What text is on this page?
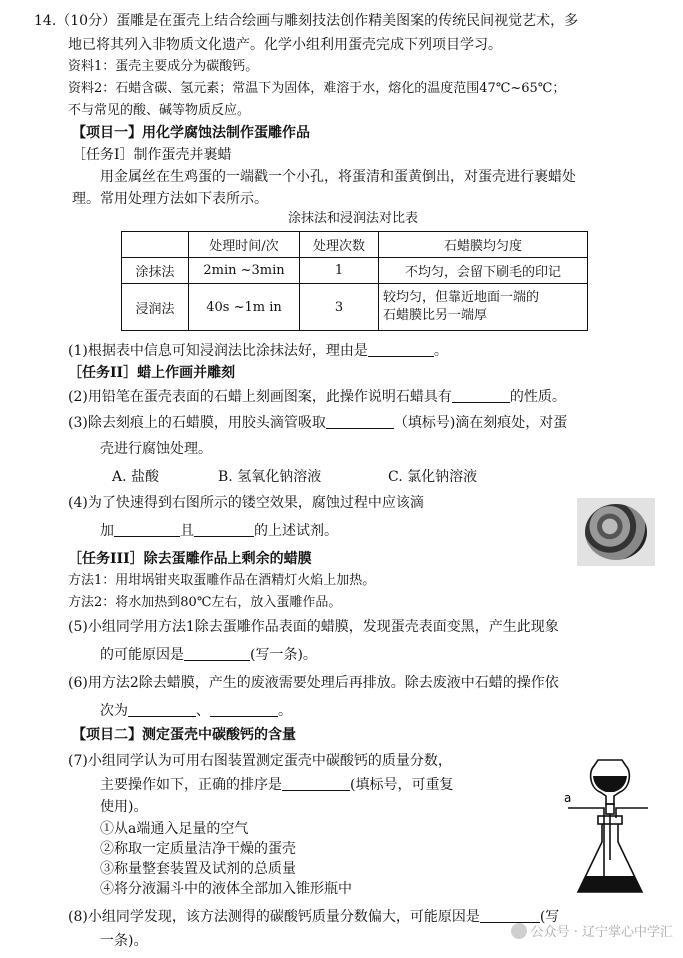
14.（10分）蛋雕是在蛋壳上结合绘画与雕刻技法创作精美图案的传统民间视觉艺术，多
地已将其列入非物质文化遗产。化学小组利用蛋壳完成下列项目学习。
资料1：蛋壳主要成分为碳酸钙。
资料2：石蜡含碳、氢元素；常温下为固体，难溶于水，熔化的温度范围47℃~65℃；
不与常见的酸、碱等物质反应。
【项目一】用化学腐蚀法制作蛋雕作品
［任务I］制作蛋壳并裹蜡
用金属丝在生鸡蛋的一端戳一个小孔，将蛋清和蛋黄倒出，对蛋壳进行裹蜡处
理。常用处理方法如下表所示。
涂抹法和浸润法对比表
	处理时间/次	处理次数	石蜡膜均匀度
涂抹法	2min ~3min	1	不均匀，会留下刷毛的印记
浸润法	40s ~1m in	3	较均匀，但靠近地面一端的
石蜡膜比另一端厚
(1)根据表中信息可知浸润法比涂抹法好，理由是	。
［任务II］蜡上作画并雕刻
(2)用铅笔在蛋壳表面的石蜡上刻画图案，此操作说明石蜡具有	的性质。
(3)除去刻痕上的石蜡膜，用胶头滴管吸取	（填标号)滴在刻痕处，对蛋
壳进行腐蚀处理。
A. 盐酸	B. 氢氧化钠溶液	C. 氯化钠溶液
(4)为了快速得到右图所示的镂空效果，腐蚀过程中应该滴
加	且	的上述试剂。
［任务III］除去蛋雕作品上剩余的蜡膜
方法1：用坩埚钳夹取蛋雕作品在酒精灯火焰上加热。
方法2：将水加热到80℃左右，放入蛋雕作品。
(5)小组同学用方法1除去蛋雕作品表面的蜡膜，发现蛋壳表面变黑，产生此现象
的可能原因是	(写一条)。
(6)用方法2除去蜡膜，产生的废液需要处理后再排放。除去废液中石蜡的操作依
次为	、	。
【项目二】测定蛋壳中碳酸钙的含量
(7)小组同学认为可用右图装置测定蛋壳中碳酸钙的质量分数，
主要操作如下，正确的排序是	(填标号，可重复
使用)。
①从a端通入足量的空气
②称取一定质量洁净干燥的蛋壳
③称量整套装置及试剂的总质量
④将分液漏斗中的液体全部加入锥形瓶中
a
(8)小组同学发现，该方法测得的碳酸钙质量分数偏大，可能原因是	(写
一条)。
公众号 · 辽宁掌心中学汇
